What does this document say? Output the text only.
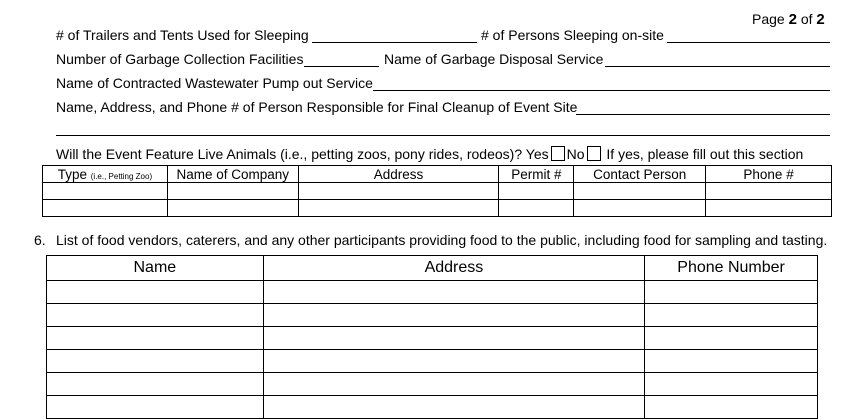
Page 2 of 2
# of Trailers and Tents Used for Sleeping	# of Persons Sleeping on-site
Number of Garbage Collection Facilities	Name of Garbage Disposal Service
Name of Contracted Wastewater Pump out Service
Name, Address, and Phone # of Person Responsible for Final Cleanup of Event Site
Will the Event Feature Live Animals (i.e., petting zoos, pony rides, rodeos)? Yes No If yes, please fill out this section
Type (i.e., Petting Zoo)	Name of Company	Address	Permit #	Contact Person	Phone #

6. List of food vendors, caterers, and any other participants providing food to the public, including food for sampling and tasting.
Name	Address	Phone Number
